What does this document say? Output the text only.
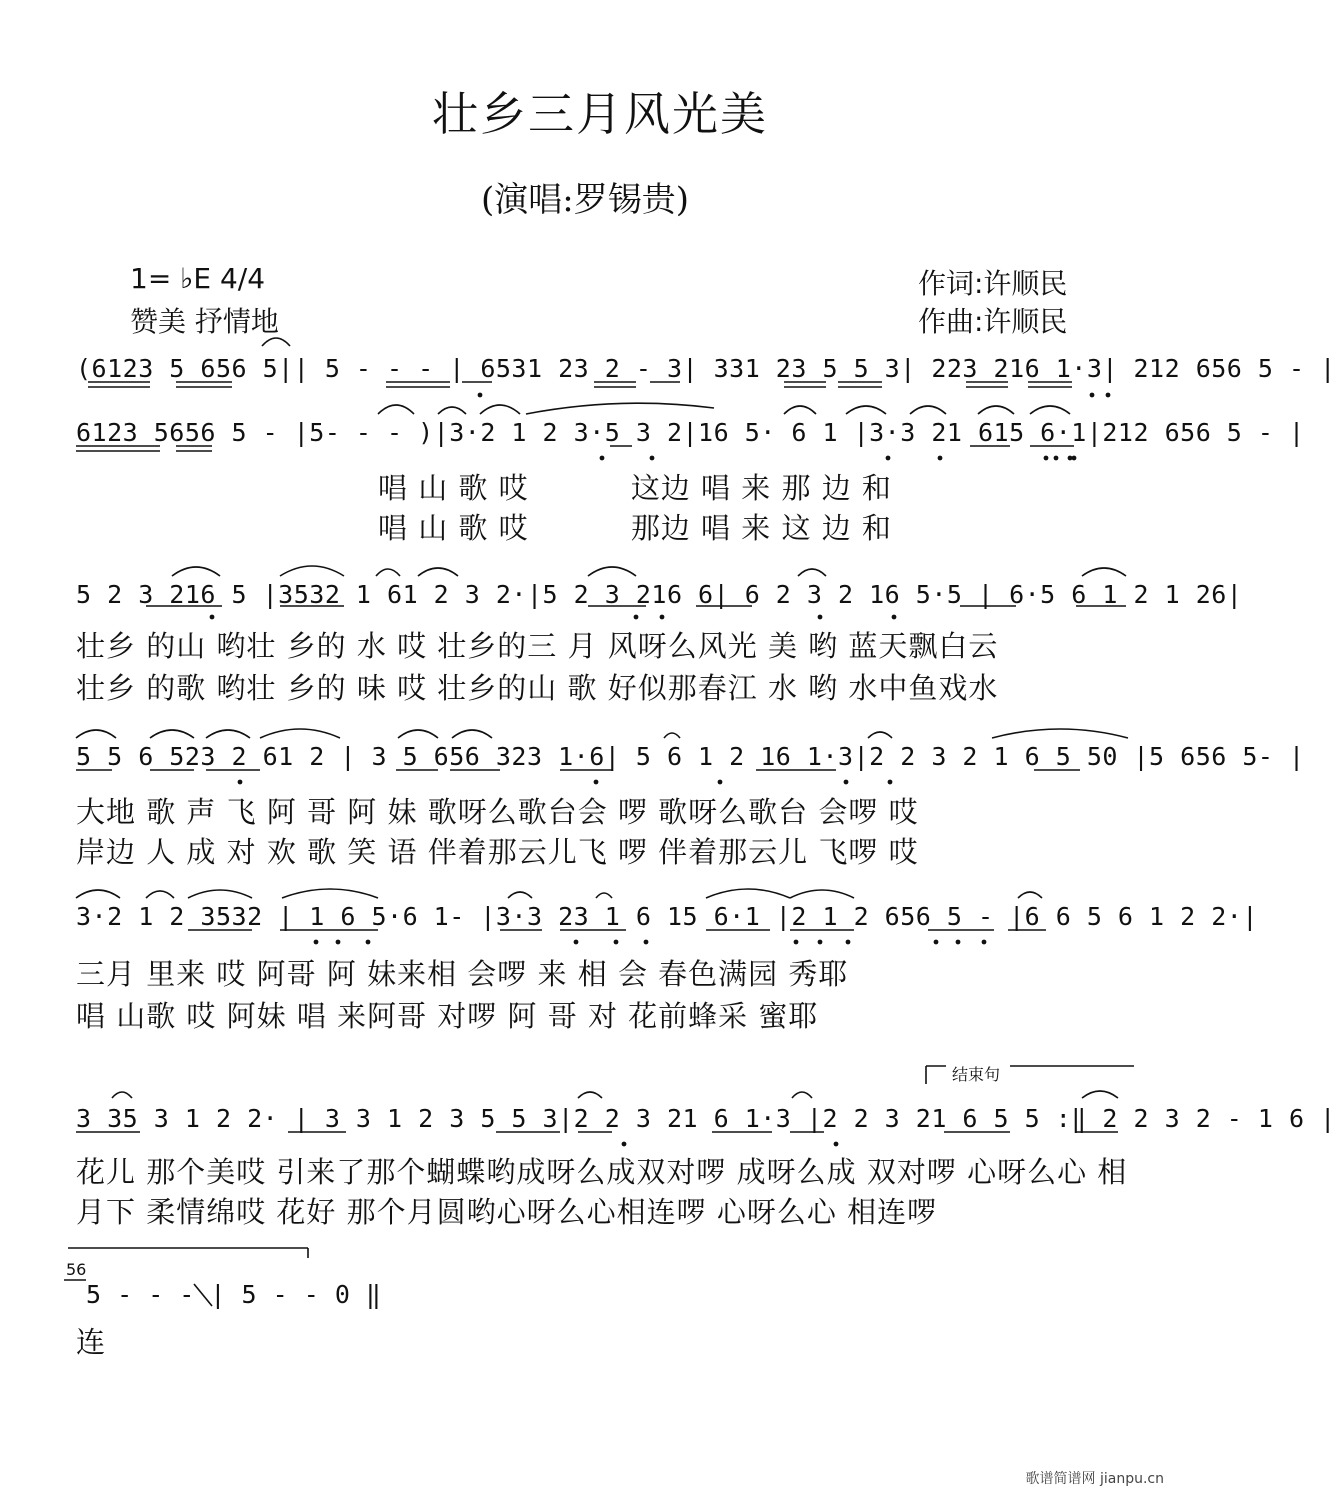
壮乡三月风光美
(演唱:罗锡贵)
1= ♭E 4/4
赞美 抒情地
作词:许顺民
作曲:许顺民
(6123 5 656 5|| 5 - - - | 6531 23 2 - 3| 331 23 5 5 3| 223 216 1·3| 212 656 5 - |
6123 5656 5 - |5- - - )|3·2 1 2 3·5 3 2|16 5· 6 1 |3·3 21 615 6·1|212 656 5 - |
唱 山 歌 哎          这边 唱 来 那 边 和
唱 山 歌 哎          那边 唱 来 这 边 和
5 2 3 216 5 |3532 1 61 2 3 2·|5 2 3 216 6| 6 2 3 2 16 5·5 | 6·5 6 1 2 1 26|
壮乡 的山 哟壮 乡的 水 哎 壮乡的三 月 风呀么风光 美 哟 蓝天飘白云
壮乡 的歌 哟壮 乡的 味 哎 壮乡的山 歌 好似那春江 水 哟 水中鱼戏水
5 5 6 523 2 61 2 | 3 5 656 323 1·6| 5 6 1 2 16 1·3|2 2 3 2 1 6 5 50 |5 656 5- |
大地 歌 声 飞 阿 哥 阿 妹 歌呀么歌台会 啰 歌呀么歌台 会啰 哎
岸边 人 成 对 欢 歌 笑 语 伴着那云儿飞 啰 伴着那云儿 飞啰 哎
3·2 1 2 3532 | 1 6 5·6 1- |3·3 23 1 6 15 6·1 |2 1 2 656 5 - |6 6 5 6 1 2 2·|
三月 里来 哎 阿哥 阿 妹来相 会啰 来 相 会 春色满园 秀耶
唱 山歌 哎 阿妹 唱 来阿哥 对啰 阿 哥 对 花前蜂采 蜜耶
结束句
3 35 3 1 2 2· | 3 3 1 2 3 5 5 3|2 2 3 21 6 1·3 |2 2 3 21 6 5 5 :‖ 2 2 3 2 - 1 6 |
花儿 那个美哎 引来了那个蝴蝶哟成呀么成双对啰 成呀么成 双对啰 心呀么心 相
月下 柔情绵哎 花好 那个月圆哟心呀么心相连啰 心呀么心 相连啰
56
5 - - - | 5 - - 0 ‖
连
歌谱简谱网 jianpu.cn
